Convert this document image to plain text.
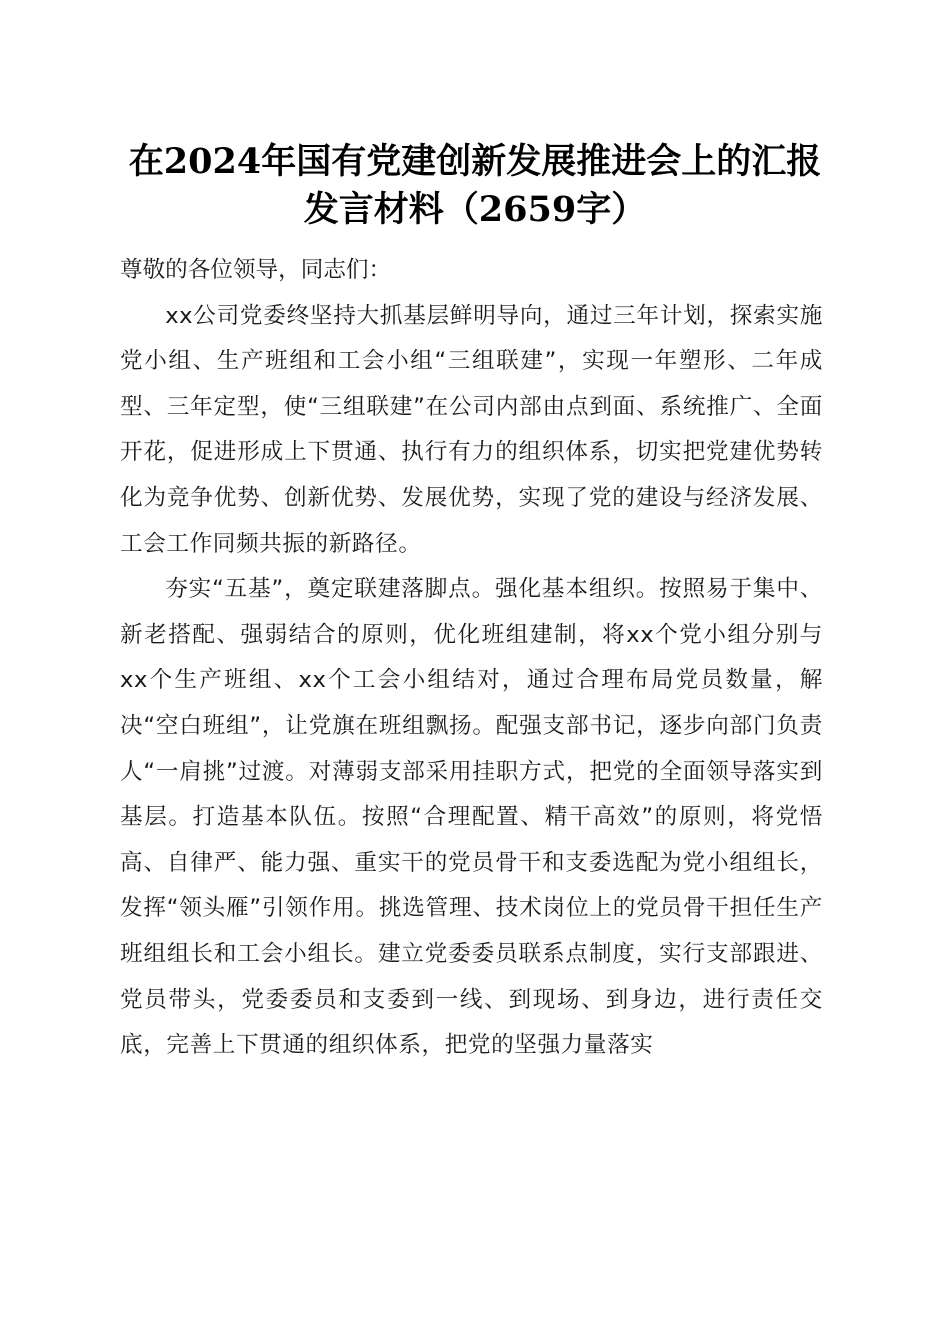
在2024年国有党建创新发展推进会上的汇报
发言材料（2659字）

尊敬的各位领导，同志们：

xx公司党委终坚持大抓基层鲜明导向，通过三年计划，探索实施党小组、生产班组和工会小组“三组联建”，实现一年塑形、二年成型、三年定型，使“三组联建”在公司内部由点到面、系统推广、全面开花，促进形成上下贯通、执行有力的组织体系，切实把党建优势转化为竞争优势、创新优势、发展优势，实现了党的建设与经济发展、工会工作同频共振的新路径。

夯实“五基”，奠定联建落脚点。强化基本组织。按照易于集中、新老搭配、强弱结合的原则，优化班组建制，将xx个党小组分别与xx个生产班组、xx个工会小组结对，通过合理布局党员数量，解决“空白班组”，让党旗在班组飘扬。配强支部书记，逐步向部门负责人“一肩挑”过渡。对薄弱支部采用挂职方式，把党的全面领导落实到基层。打造基本队伍。按照“合理配置、精干高效”的原则，将党悟高、自律严、能力强、重实干的党员骨干和支委选配为党小组组长，发挥“领头雁”引领作用。挑选管理、技术岗位上的党员骨干担任生产班组组长和工会小组长。建立党委委员联系点制度，实行支部跟进、党员带头，党委委员和支委到一线、到现场、到身边，进行责任交底，完善上下贯通的组织体系，把党的坚强力量落实
